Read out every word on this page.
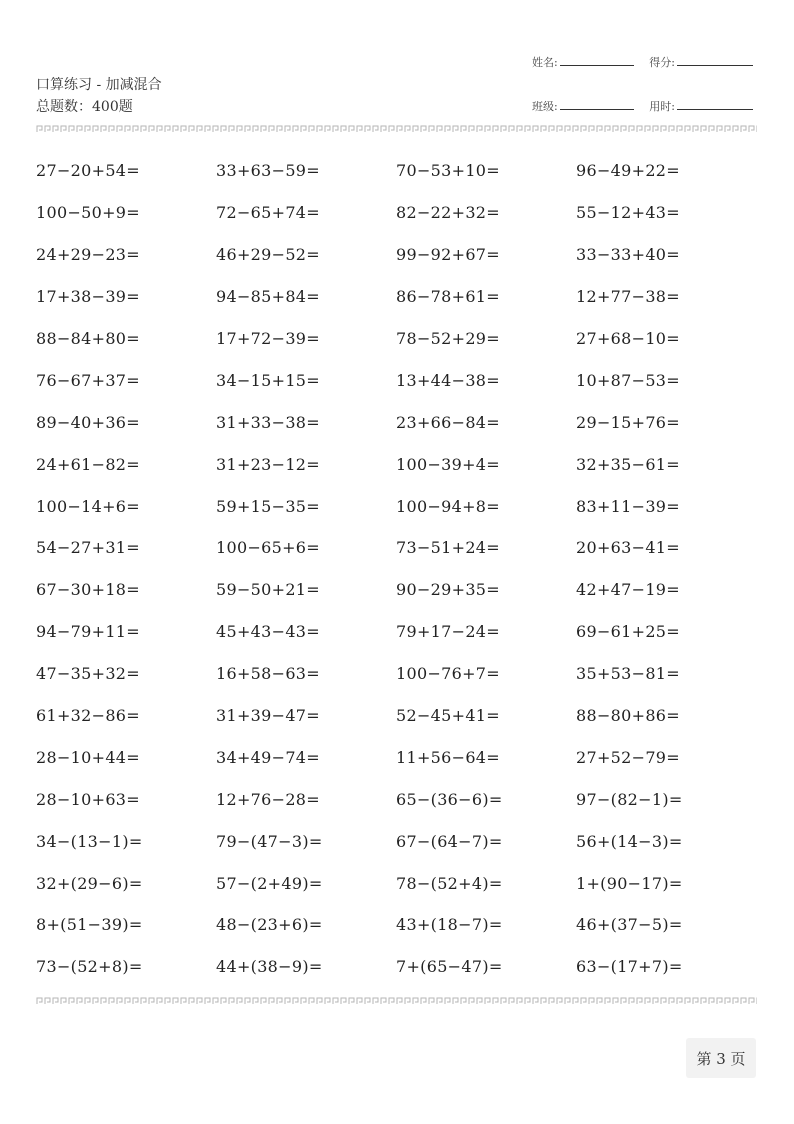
口算练习 - 加减混合
总题数：400题
姓名:	得分:
班级:	用时:
27−20+54=	33+63−59=	70−53+10=	96−49+22=
100−50+9=	72−65+74=	82−22+32=	55−12+43=
24+29−23=	46+29−52=	99−92+67=	33−33+40=
17+38−39=	94−85+84=	86−78+61=	12+77−38=
88−84+80=	17+72−39=	78−52+29=	27+68−10=
76−67+37=	34−15+15=	13+44−38=	10+87−53=
89−40+36=	31+33−38=	23+66−84=	29−15+76=
24+61−82=	31+23−12=	100−39+4=	32+35−61=
100−14+6=	59+15−35=	100−94+8=	83+11−39=
54−27+31=	100−65+6=	73−51+24=	20+63−41=
67−30+18=	59−50+21=	90−29+35=	42+47−19=
94−79+11=	45+43−43=	79+17−24=	69−61+25=
47−35+32=	16+58−63=	100−76+7=	35+53−81=
61+32−86=	31+39−47=	52−45+41=	88−80+86=
28−10+44=	34+49−74=	11+56−64=	27+52−79=
28−10+63=	12+76−28=	65−(36−6)=	97−(82−1)=
34−(13−1)=	79−(47−3)=	67−(64−7)=	56+(14−3)=
32+(29−6)=	57−(2+49)=	78−(52+4)=	1+(90−17)=
8+(51−39)=	48−(23+6)=	43+(18−7)=	46+(37−5)=
73−(52+8)=	44+(38−9)=	7+(65−47)=	63−(17+7)=
第 3 页
